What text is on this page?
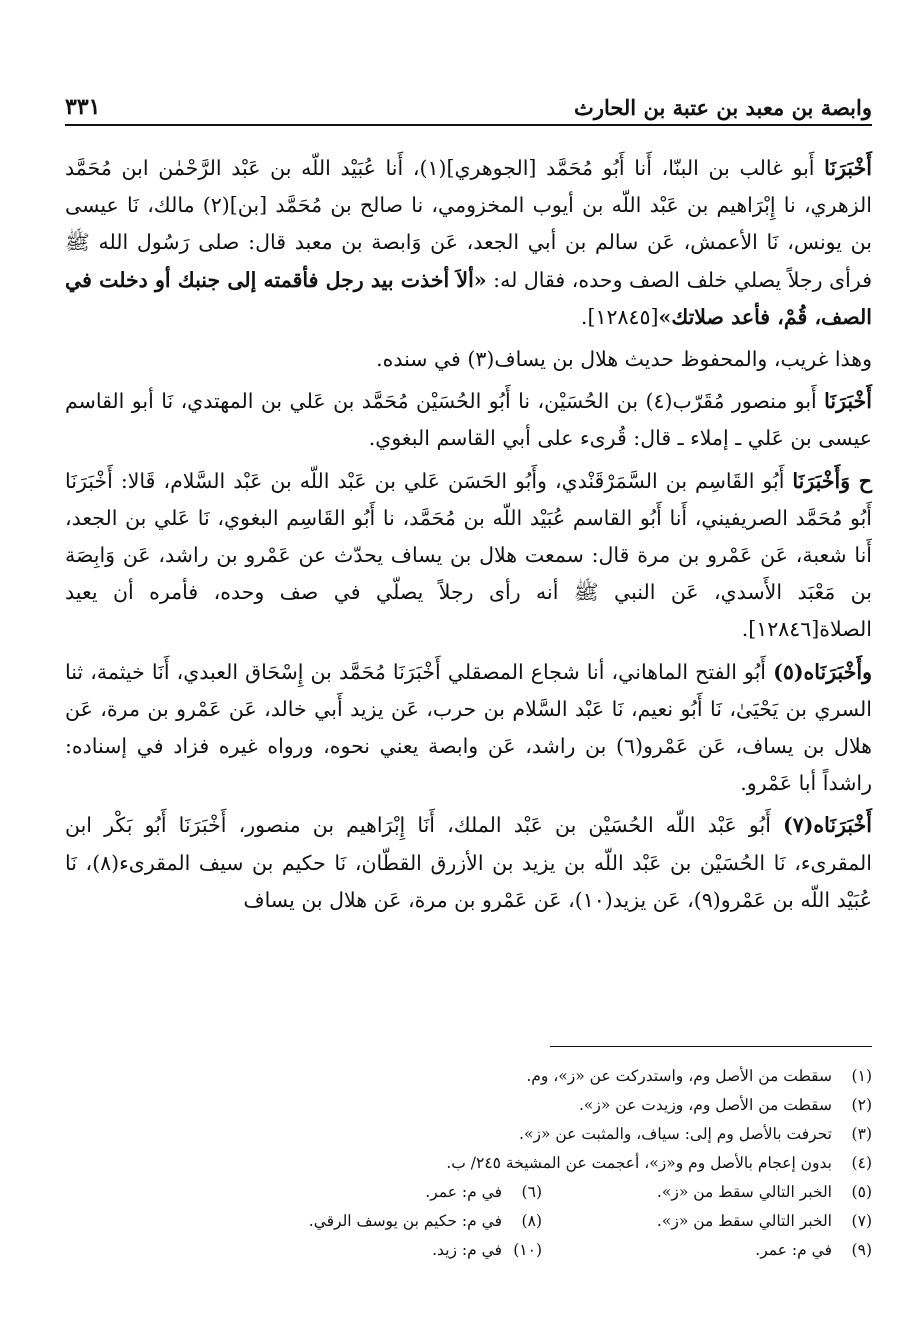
وابصة بن معبد بن عتبة بن الحارث
٣٣١

أَخْبَرَنَا أَبو غالب بن البنّا، أَنا أَبُو مُحَمَّد [الجوهري](١)، أَنا عُبَيْد اللّه بن عَبْد الرَّحْمٰن ابن مُحَمَّد الزهري، نا إِبْرَاهيم بن عَبْد اللّه بن أيوب المخزومي، نا صالح بن مُحَمَّد [بن](٢) مالك، نَا عيسى بن يونس، نَا الأعمش، عَن سالم بن أبي الجعد، عَن وَابصة بن معبد قال: صلى رَسُول الله ﷺ فرأى رجلاً يصلي خلف الصف وحده، فقال له: «ألاَ أخذت بيد رجل فأقمته إلى جنبك أو دخلت في الصف، قُمْ، فأعد صلاتك»[١٢٨٤٥].

وهذا غريب، والمحفوظ حديث هلال بن يساف(٣) في سنده.

أَخْبَرَنَا أَبو منصور مُقَرّب(٤) بن الحُسَيْن، نا أَبُو الحُسَيْن مُحَمَّد بن عَلي بن المهتدي، نَا أبو القاسم عيسى بن عَلي ـ إملاء ـ قال: قُرىء على أبي القاسم البغوي.

ح وَأَخْبَرَنَا أَبُو القَاسِم بن السَّمَرْقَنْدي، وأَبُو الحَسَن عَلي بن عَبْد اللّه بن عَبْد السَّلام، قَالا: أَخْبَرَنَا أَبُو مُحَمَّد الصريفيني، أَنا أَبُو القاسم عُبَيْد اللّه بن مُحَمَّد، نا أَبُو القَاسِم البغوي، نَا عَلي بن الجعد، أَنا شعبة، عَن عَمْرو بن مرة قال: سمعت هلال بن يساف يحدّث عن عَمْرو بن راشد، عَن وَابِصَة بن مَعْبَد الأَسدي، عَن النبي ﷺ أنه رأى رجلاً يصلّي في صف وحده، فأمره أن يعيد الصلاة[١٢٨٤٦].

وأَخْبَرَنَاه(٥) أَبُو الفتح الماهاني، أنا شجاع المصقلي أَخْبَرَنَا مُحَمَّد بن إِسْحَاق العبدي، أَنَا خيثمة، ثنا السري بن يَحْيَىٰ، نَا أَبُو نعيم، نَا عَبْد السَّلام بن حرب، عَن يزيد أَبي خالد، عَن عَمْرو بن مرة، عَن هلال بن يساف، عَن عَمْرو(٦) بن راشد، عَن وابصة يعني نحوه، ورواه غيره فزاد في إسناده: راشداً أبا عَمْرو.

أَخْبَرَنَاه(٧) أَبُو عَبْد اللّه الحُسَيْن بن عَبْد الملك، أَنَا إِبْرَاهيم بن منصور، أَخْبَرَنَا أَبُو بَكْر ابن المقرىء، نَا الحُسَيْن بن عَبْد اللّه بن يزيد بن الأزرق القطّان، نَا حكيم بن سيف المقرىء(٨)، نَا عُبَيْد اللّه بن عَمْرو(٩)، عَن يزيد(١٠)، عَن عَمْرو بن مرة، عَن هلال بن يساف

(١)
سقطت من الأصل وم، واستدركت عن «ز»، وم.
(٢)
سقطت من الأصل وم، وزيدت عن «ز».
(٣)
تحرفت بالأصل وم إلى: سياف، والمثبت عن «ز».
(٤)
بدون إعجام بالأصل وم و«ز»، أعجمت عن المشيخة ٢٤٥/ ب.
(٥)
الخبر التالي سقط من «ز».
(٦)
في م: عمر.
(٧)
الخبر التالي سقط من «ز».
(٨)
في م: حكيم بن يوسف الرقي.
(٩)
في م: عمر.
(١٠)
في م: زيد.
